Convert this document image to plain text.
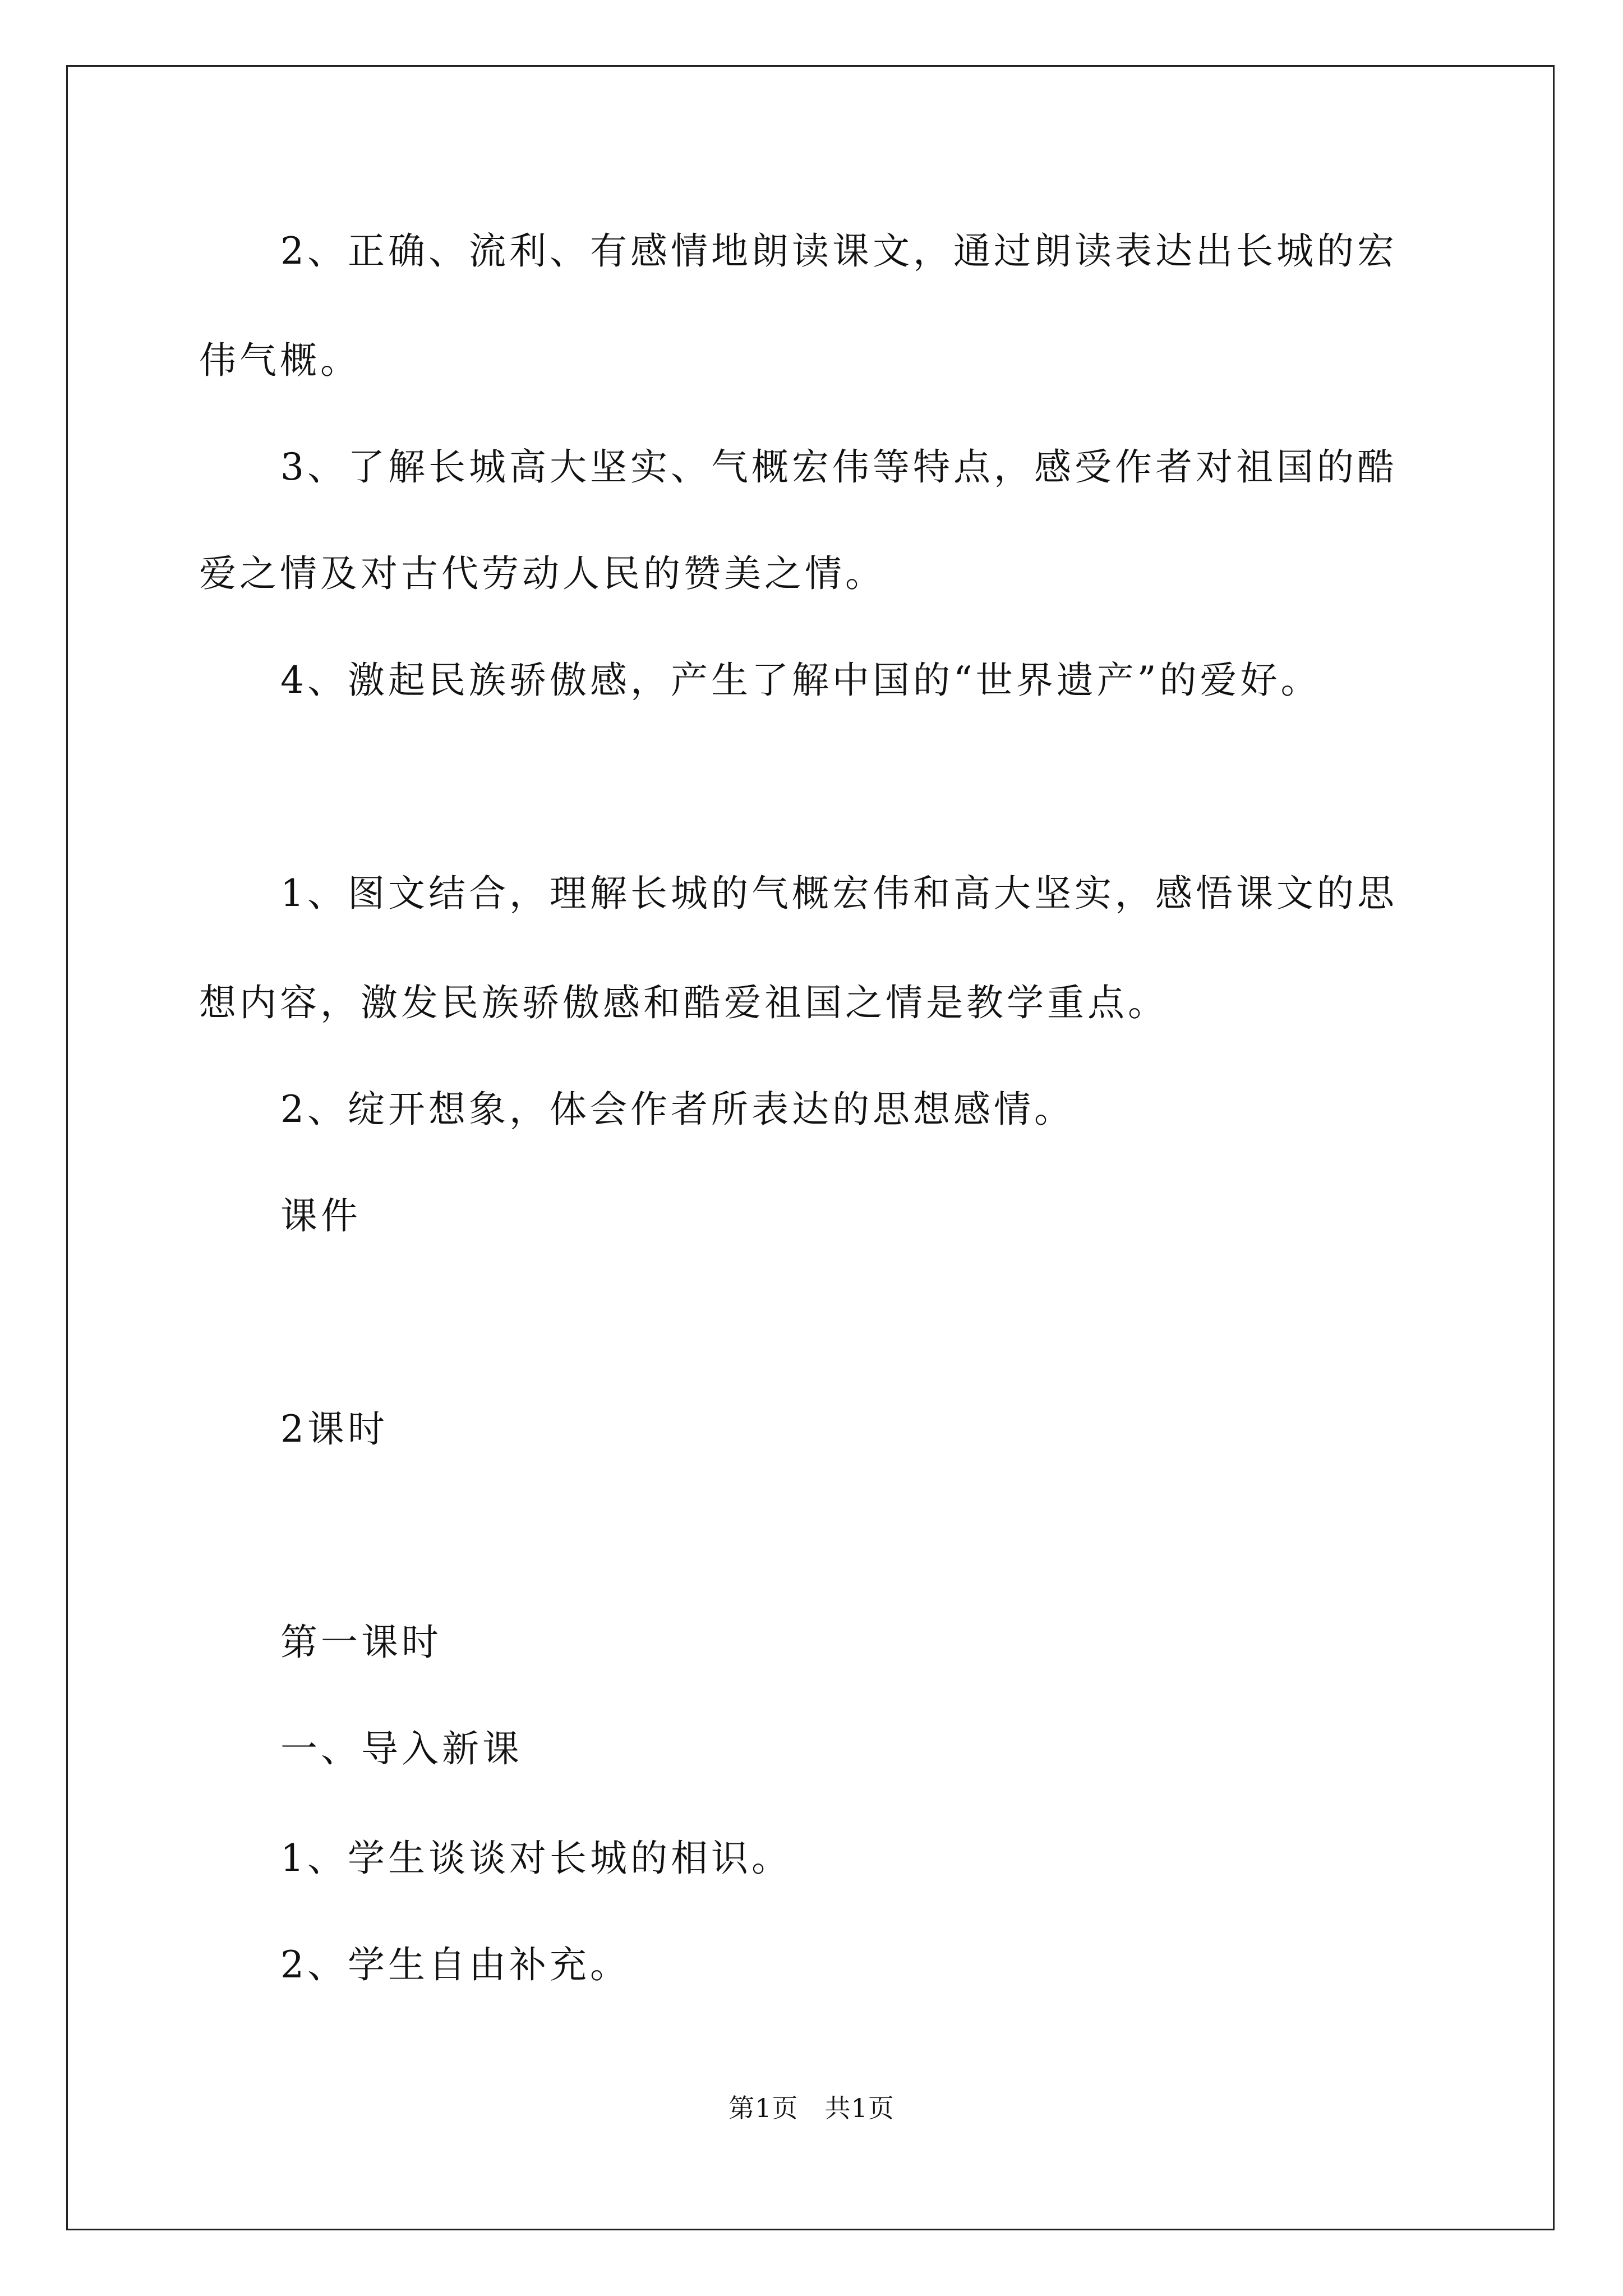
2、正确、流利、有感情地朗读课文，通过朗读表达出长城的宏
伟气概。
3、了解长城高大坚实、气概宏伟等特点，感受作者对祖国的酷
爱之情及对古代劳动人民的赞美之情。
4、激起民族骄傲感，产生了解中国的“世界遗产”的爱好。
1、图文结合，理解长城的气概宏伟和高大坚实，感悟课文的思
想内容，激发民族骄傲感和酷爱祖国之情是教学重点。
2、绽开想象，体会作者所表达的思想感情。
课件
2课时
第一课时
一、导入新课
1、学生谈谈对长城的相识。
2、学生自由补充。
第1页　共1页
